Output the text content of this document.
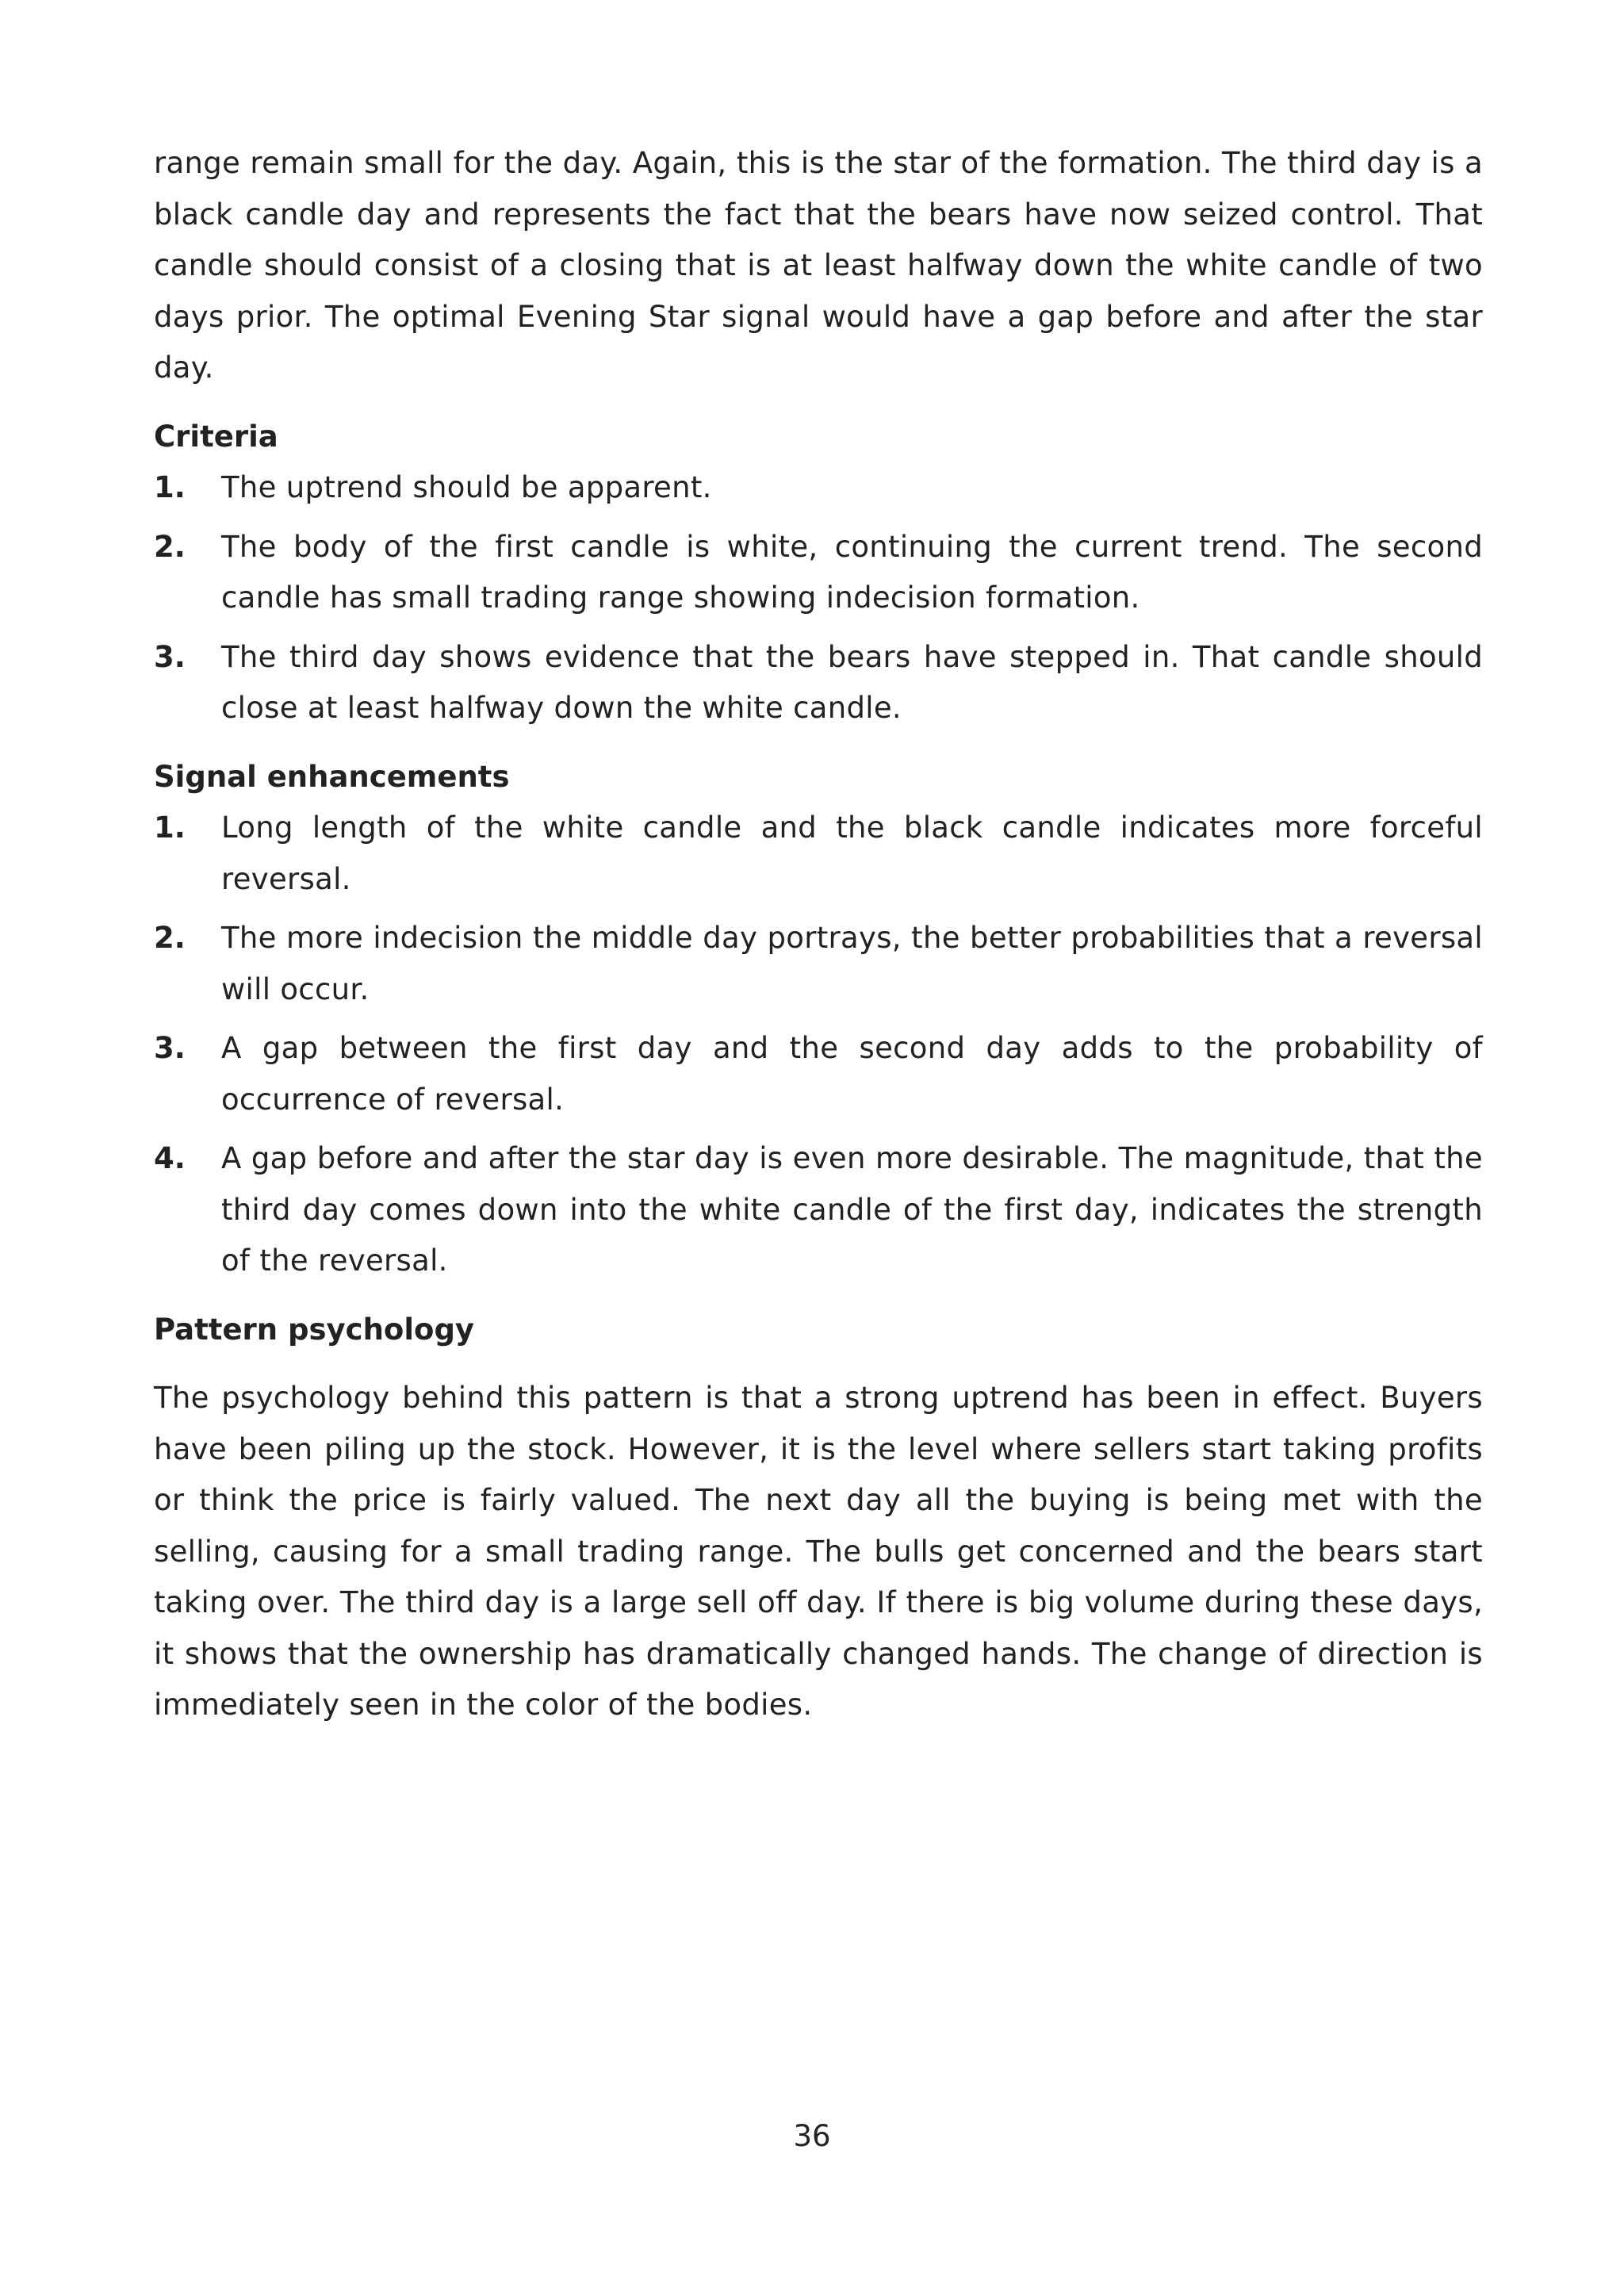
range remain small for the day. Again, this is the star of the formation. The third day is a black candle day and represents the fact that the bears have now seized control. That candle should consist of a closing that is at least halfway down the white candle of two days prior. The optimal Evening Star signal would have a gap before and after the star day.

Criteria
1.	The uptrend should be apparent.
2.	The body of the first candle is white, continuing the current trend. The second candle has small trading range showing indecision formation.
3.	The third day shows evidence that the bears have stepped in. That candle should close at least halfway down the white candle.
Signal enhancements
1.	Long length of the white candle and the black candle indicates more forceful reversal.
2.	The more indecision the middle day portrays, the better probabilities that a reversal will occur.
3.	A gap between the first day and the second day adds to the probability of occurrence of reversal.
4.	A gap before and after the star day is even more desirable. The magnitude, that the third day comes down into the white candle of the first day, indicates the strength of the reversal.
Pattern psychology

The psychology behind this pattern is that a strong uptrend has been in effect. Buyers have been piling up the stock. However, it is the level where sellers start taking profits or think the price is fairly valued. The next day all the buying is being met with the selling, causing for a small trading range. The bulls get concerned and the bears start taking over. The third day is a large sell off day. If there is big volume during these days, it shows that the ownership has dramatically changed hands. The change of direction is immediately seen in the color of the bodies.

36
